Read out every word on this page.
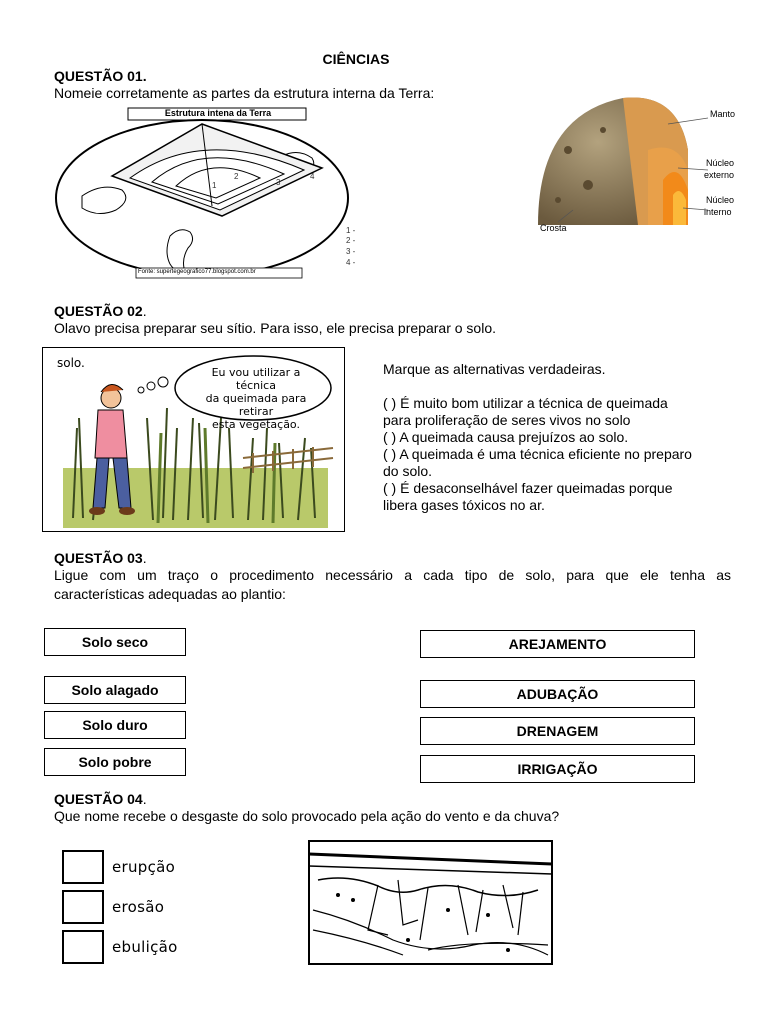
CIÊNCIAS
QUESTÃO 01.
Nomeie corretamente as partes da estrutura interna da Terra:
Estrutura intena da Terra
1
2
3
4
Fonte: supertegeografico77.blogspot.com.br
1 -
2 -
3 -
4 -
Manto
Núcleo
externo
Núcleo
interno
Crosta
QUESTÃO 02.
Olavo precisa preparar seu sítio. Para isso, ele precisa preparar o solo.
solo.
Eu vou utilizar a técnica
da queimada para retirar
esta vegetação.
Marque as alternativas verdadeiras.
( ) É muito bom utilizar a técnica de queimada
para proliferação de seres vivos no solo
( ) A queimada causa prejuízos ao solo.
( ) A queimada é uma técnica eficiente no preparo
do solo.
( ) É desaconselhável fazer queimadas porque
libera gases tóxicos no ar.
QUESTÃO 03.
Ligue com um traço o procedimento necessário a cada tipo de solo, para que ele tenha as
características adequadas ao plantio:
Solo seco
Solo alagado
Solo duro
Solo pobre
AREJAMENTO
ADUBAÇÃO
DRENAGEM
IRRIGAÇÃO
QUESTÃO 04.
Que nome recebe o desgaste do solo provocado pela ação do vento e da chuva?
erupção
erosão
ebulição
